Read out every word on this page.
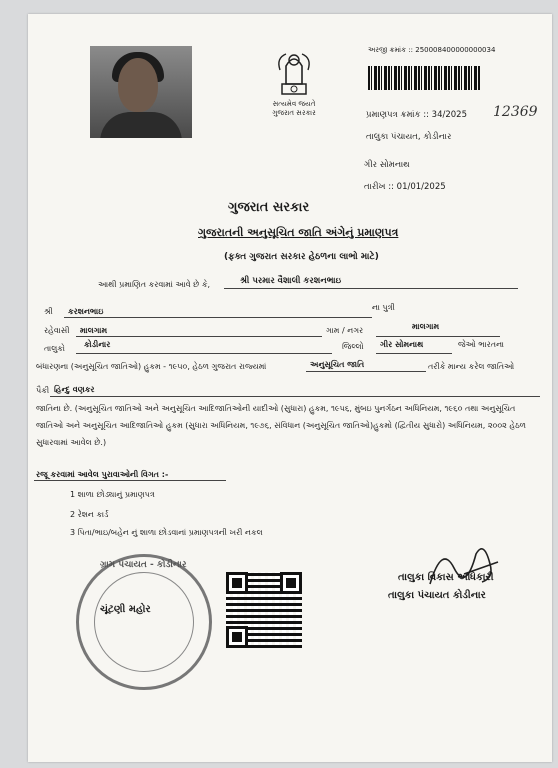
સત્યમેવ જયતે
ગુજરાત સરકાર
અરજી ક્રમાંક :: 250008400000000034
પ્રમાણપત્ર ક્રમાંક :: 34/2025 12369
તાલુકા પંચાયત, કોડીનાર
ગીર સોમનાથ
તારીખ :: 01/01/2025
ગુજરાત સરકાર
ગુજરાતની અનુસૂચિત જાતિ અંગેનું પ્રમાણપત્ર
(ફક્ત ગુજરાત સરકાર હેઠળના લાભો માટે)
આથી પ્રમાણિત કરવામાં આવે છે કે,	શ્રી પરમાર વૈશાલી કરશનભાઇ
શ્રી કરશનભાઇ	ના પુત્રી
રહેવાસી માલગામ	ગામ / નગર	માલગામ
તાલુકો કોડીનાર	જિલ્લો ગીર સોમનાથ	જેઓ ભારતના
બંધારણના (અનુસૂચિત જાતિઓ) હુકમ - ૧૯૫૦, હેઠળ ગુજરાત રાજ્યમાં	અનુસૂચિત જાતિ	તરીકે માન્ય કરેલ જાતિઓ
પૈકી હિન્દુ વણકર
જાતિના છે. (અનુસૂચિત જાતિઓ અને અનુસૂચિત આદિજાતિઓની યાદીઓ (સુધારા) હુકમ, ૧૯૫૬, મુંબઇ પુનર્ગઠન અધિનિયમ, ૧૯૬૦ તથા અનુસૂચિત જાતિઓ અને અનુસૂચિત આદિજાતિઓ હુકમ (સુધારા અધિનિયમ, ૧૯૭૬, સંવિધાન (અનુસૂચિત જાતિઓ)હુકમો (દ્વિતીય સુધારો) અધિનિયમ, ૨૦૦૨ હેઠળ સુધારવામાં આવેલ છે.)
રજૂ કરવામાં આવેલ પુરાવાઓની વિગત :-
1 શાળા છોડ્યાનું પ્રમાણપત્ર
2 રેશન કાર્ડ
3 પિતા/ભાઇ/બહેન નું શાળા છોડવાનાં પ્રમાણપત્રની ખરી નકલ
ગ્રામ પંચાયત - કોડીનાર
ચૂંટણી મહોર
તાલુકા વિકાસ અધિકારી
તાલુકા પંચાયત કોડીનાર
